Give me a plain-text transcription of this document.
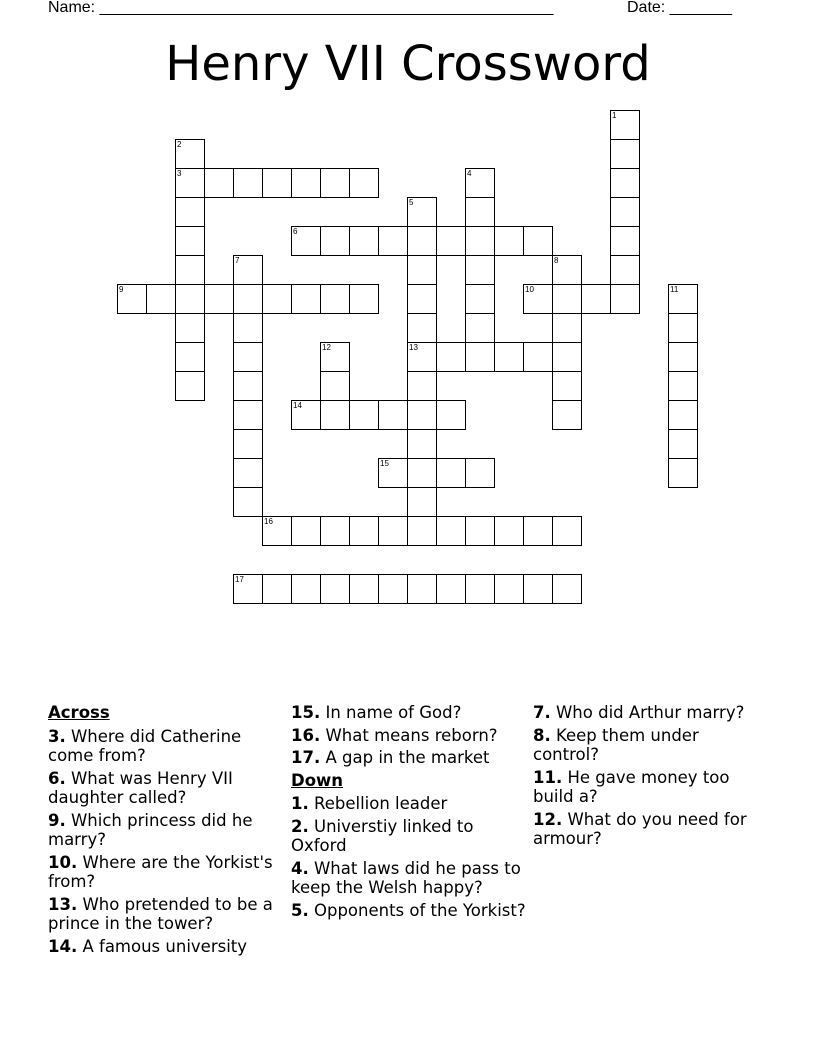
Name: ___________________________________________________	Date: _______
Henry VII Crossword
1
2
3	4
5
13
6
7	8
9	10	11
12
14
15
16
17
Across
3. Where did Catherine come from?
6. What was Henry VII daughter called?
9. Which princess did he marry?
10. Where are the Yorkist's from?
13. Who pretended to be a prince in the tower?
14. A famous university
15. In name of God?
16. What means reborn?
17. A gap in the market
Down
1. Rebellion leader
2. Universtiy linked to Oxford
4. What laws did he pass to keep the Welsh happy?
5. Opponents of the Yorkist?
7. Who did Arthur marry?
8. Keep them under control?
11. He gave money too build a?
12. What do you need for armour?
